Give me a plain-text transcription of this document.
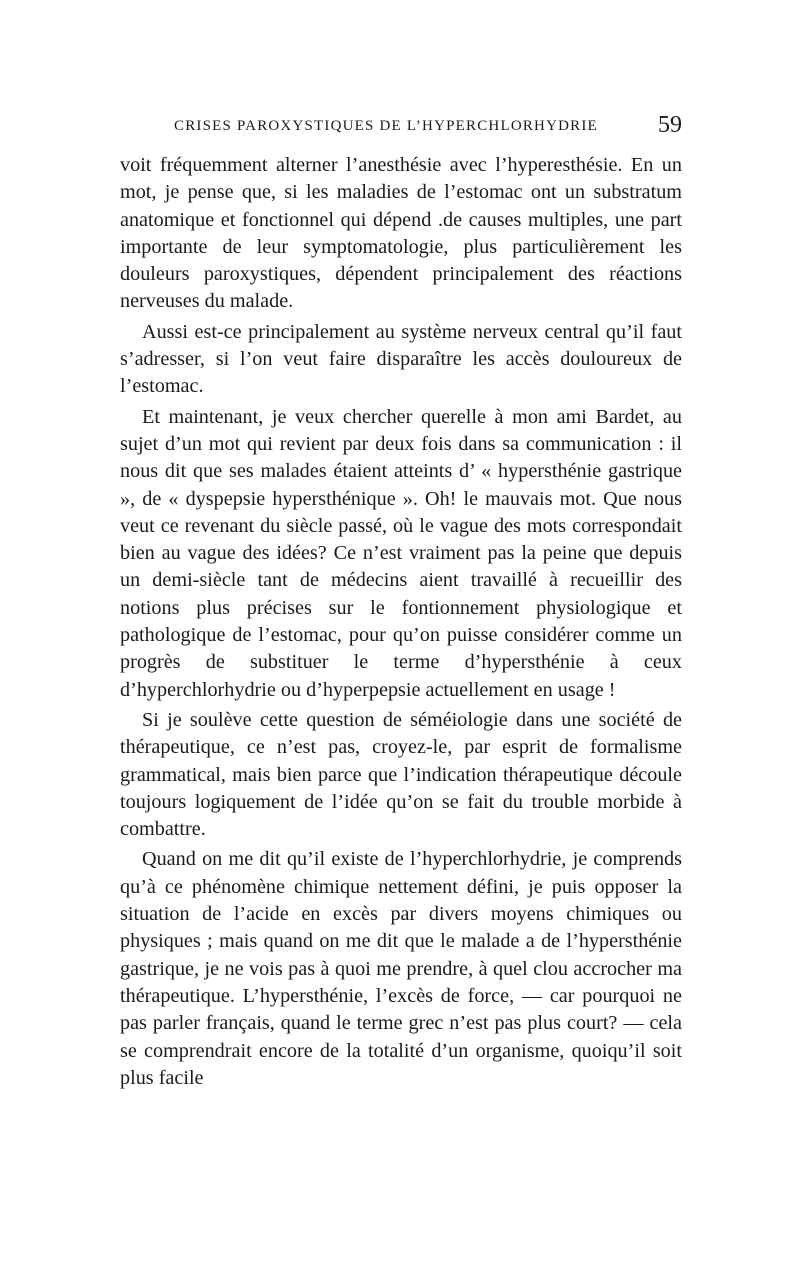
CRISES PAROXYSTIQUES DE L’HYPERCHLORHYDRIE	59

voit fréquemment alterner l’anesthésie avec l’hyperesthésie. En un mot, je pense que, si les maladies de l’estomac ont un substratum anatomique et fonctionnel qui dépend .de causes multiples, une part importante de leur symptomatologie, plus particulièrement les douleurs paroxystiques, dépendent principalement des réactions nerveuses du malade.

Aussi est-ce principalement au système nerveux central qu’il faut s’adresser, si l’on veut faire disparaître les accès douloureux de l’estomac.

Et maintenant, je veux chercher querelle à mon ami Bardet, au sujet d’un mot qui revient par deux fois dans sa communication : il nous dit que ses malades étaient atteints d’ « hypersthénie gastrique », de « dyspepsie hypersthénique ». Oh! le mauvais mot. Que nous veut ce revenant du siècle passé, où le vague des mots correspondait bien au vague des idées? Ce n’est vraiment pas la peine que depuis un demi-siècle tant de médecins aient travaillé à recueillir des notions plus précises sur le fontionnement physiologique et pathologique de l’estomac, pour qu’on puisse considérer comme un progrès de substituer le terme d’hypersthénie à ceux d’hyperchlorhydrie ou d’hyperpepsie actuellement en usage !

Si je soulève cette question de séméiologie dans une société de thérapeutique, ce n’est pas, croyez-le, par esprit de formalisme grammatical, mais bien parce que l’indication thérapeutique découle toujours logiquement de l’idée qu’on se fait du trouble morbide à combattre.

Quand on me dit qu’il existe de l’hyperchlorhydrie, je comprends qu’à ce phénomène chimique nettement défini, je puis opposer la situation de l’acide en excès par divers moyens chimiques ou physiques ; mais quand on me dit que le malade a de l’hypersthénie gastrique, je ne vois pas à quoi me prendre, à quel clou accrocher ma thérapeutique. L’hypersthénie, l’excès de force, — car pourquoi ne pas parler français, quand le terme grec n’est pas plus court? — cela se comprendrait encore de la totalité d’un organisme, quoiqu’il soit plus facile
